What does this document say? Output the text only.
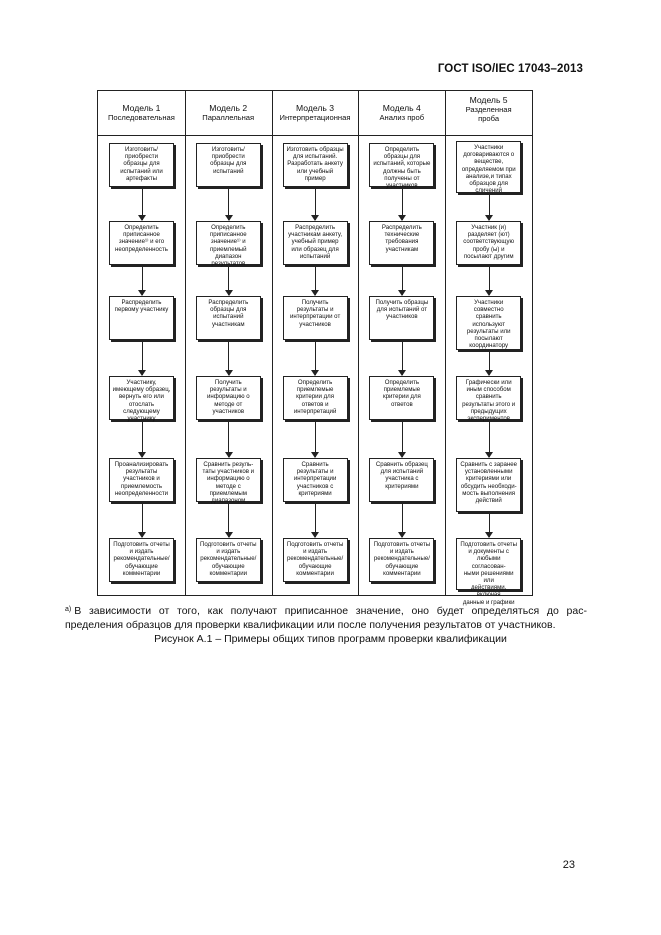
ГОСТ ISO/IEC 17043–2013
Модель 1
Последовательная
Изготовить/
приобрести
образцы для
испытаний или
артефакты
Определить
приписанное
значение¹⁾ и его
неопределенность
Распределить
первому участнику
Участнику,
имеющему образец,
вернуть его или
отослать
следующему
участнику
Проанализировать
результаты
участников и
приемлемость
неопределенности
Подготовить отчеты
и издать
рекомендательные/
обучающие
комментарии
Модель 2
Параллельная
Изготовить/
приобрести
образцы для
испытаний
Определить
приписанное
значение¹⁾ и
приемлемый
диапазон
результатов
Распределить
образцы для
испытаний
участникам
Получить
результаты и
информацию о
методе от
участников
Сравнить резуль-
таты участников и
информацию о
методе с
приемлемым
диапазоном
Подготовить отчеты
и издать
рекомендательные/
обучающие
комментарии
Модель 3
Интерпретационная
Изготовить образцы
для испытаний.
Разработать анкету
или учебный
пример
Распределить
участникам анкету,
учебный пример
или образец для
испытаний
Получить
результаты и
интерпретации от
участников
Определить
приемлемые
критерии для
ответов и
интерпретаций
Сравнить
результаты и
интерпретации
участников с
критериями
Подготовить отчеты
и издать
рекомендательные/
обучающие
комментарии
Модель 4
Анализ проб
Определить
образцы для
испытаний, которые
должны быть
получены от
участников
Распределить
технические
требования
участникам
Получить образцы
для испытаний от
участников
Определить
приемлемые
критерии для
ответов
Сравнить образец
для испытаний
участника с
критериями
Подготовить отчеты
и издать
рекомендательные/
обучающие
комментарии
Модель 5
Разделенная
проба
Участники
договариваются о
веществе,
определяемом при
анализе,и типах
образцов для
сличений
Участник (и)
разделяет (ют)
соответствующую
пробу (ы) и
посылают другим
Участники
совместно
сравнить
используют
результаты или
посылают
координатору
Графически или
иным способом
сравнить
результаты этого и
предыдущих
экспериментов
Сравнить с заранее
установленными
критериями или
обсудить необходи-
мость выполнения
действий
Подготовить отчеты
и документы с
любыми согласован-
ными решениями или
действиями, включая
данные и графики
$^{а)}$ В зависимости от того, как получают приписанное значение, оно будет определяться до рас-пределения образцов для проверки квалификации или после получения результатов от участников.
Рисунок А.1 – Примеры общих типов программ проверки квалификации
23
